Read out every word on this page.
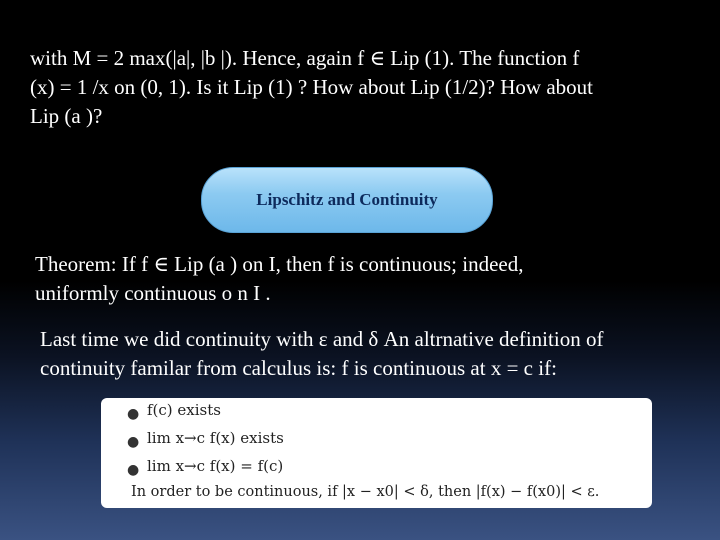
with M = 2 max(|a|, |b |). Hence, again f ∈ Lip (1). The function f
(x) = 1 /x on (0, 1). Is it Lip (1) ? How about Lip (1/2)? How about
Lip (a )?
Lipschitz and Continuity
Theorem: If f ∈ Lip (a ) on I, then f is continuous; indeed,
uniformly continuous o n I .
Last time we did continuity with ε and δ An altrnative definition of
continuity familar from calculus is: f is continuous at x = c if:
● f(c) exists
● lim x→c f(x) exists
● lim x→c f(x) = f(c)
In order to be continuous, if |x − x0| < δ, then |f(x) − f(x0)| < ε.
